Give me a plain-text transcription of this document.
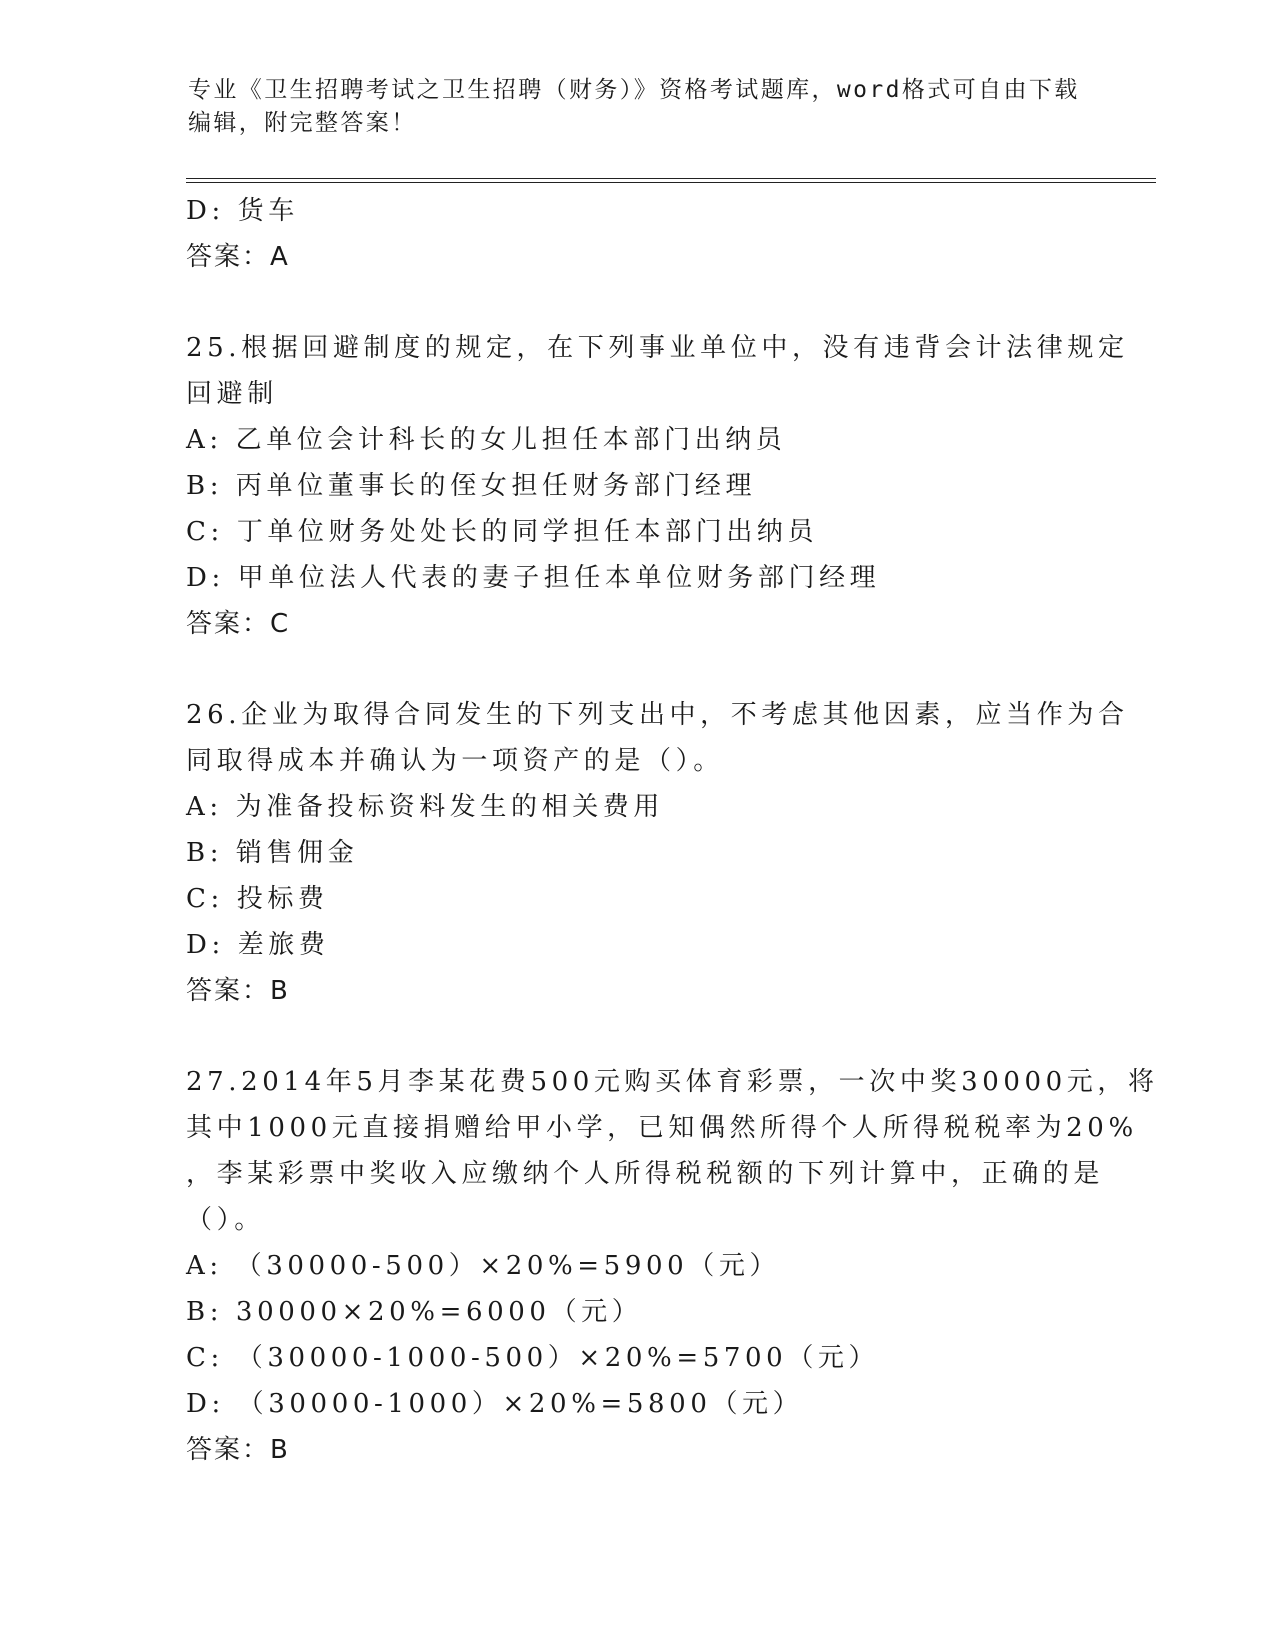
专业《卫生招聘考试之卫生招聘（财务）》资格考试题库，word格式可自由下载
编辑，附完整答案！
D: 货车
答案：A
25.根据回避制度的规定，在下列事业单位中，没有违背会计法律规定
回避制
A: 乙单位会计科长的女儿担任本部门出纳员
B: 丙单位董事长的侄女担任财务部门经理
C: 丁单位财务处处长的同学担任本部门出纳员
D: 甲单位法人代表的妻子担任本单位财务部门经理
答案：C
26.企业为取得合同发生的下列支出中，不考虑其他因素，应当作为合
同取得成本并确认为一项资产的是（）。
A: 为准备投标资料发生的相关费用
B: 销售佣金
C: 投标费
D: 差旅费
答案：B
27.2014年5月李某花费500元购买体育彩票，一次中奖30000元，将
其中1000元直接捐赠给甲小学，已知偶然所得个人所得税税率为20%
，李某彩票中奖收入应缴纳个人所得税税额的下列计算中，正确的是
（）。
A: （30000-500）×20%=5900（元）
B: 30000×20%=6000（元）
C: （30000-1000-500）×20%=5700（元）
D: （30000-1000）×20%=5800（元）
答案：B
